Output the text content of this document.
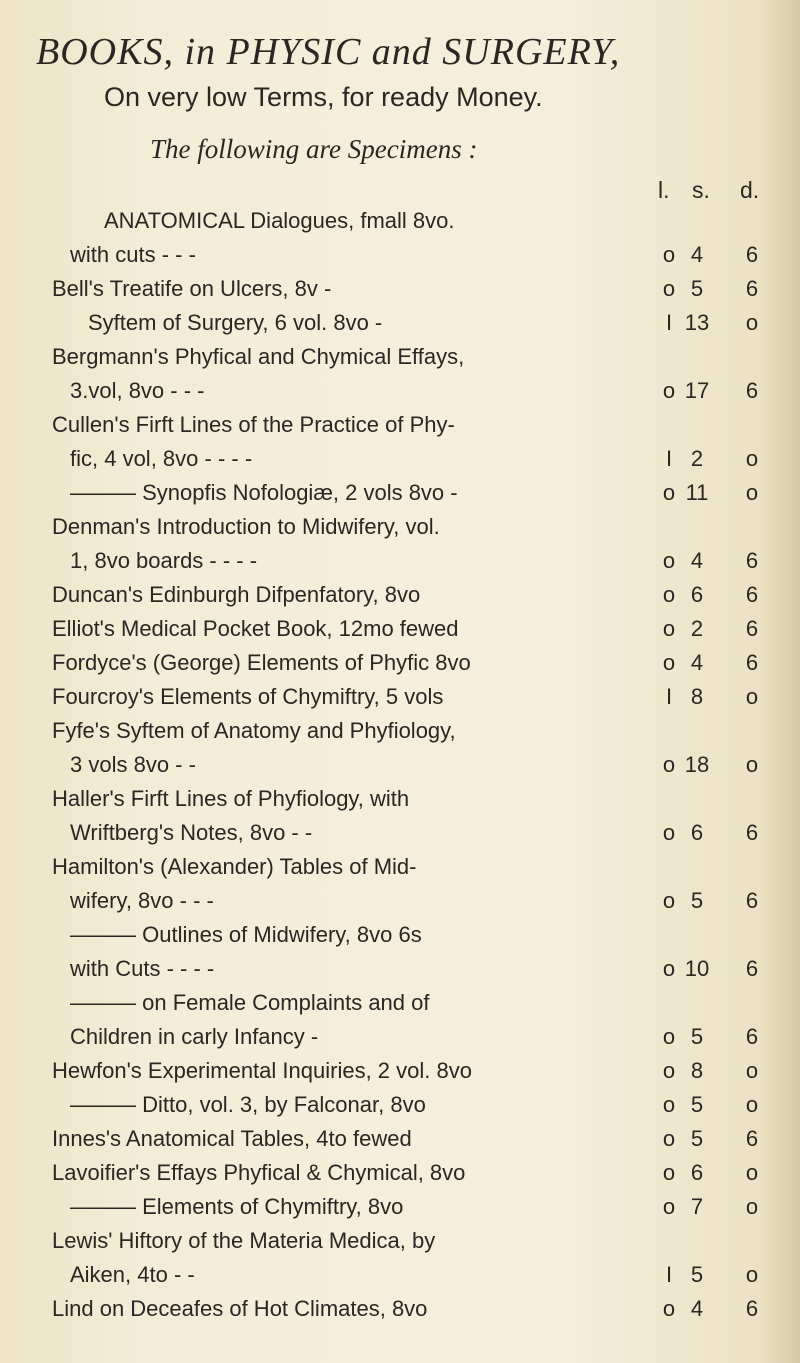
BOOKS, in PHYSIC and SURGERY,
On very low Terms, for ready Money.
The following are Specimens :
l. s. d.
ANATOMICAL Dialogues, fmall 8vo.
with cuts - - -	o 4	6
Bell's Treatife on Ulcers, 8v -	o 5	6
Syftem of Surgery, 6 vol. 8vo -	I 13	o
Bergmann's Phyfical and Chymical Effays,
3.vol, 8vo - - -	o 17	6
Cullen's Firft Lines of the Practice of Phy-
fic, 4 vol, 8vo - - - -	I 2	o
——— Synopfis Nofologiæ, 2 vols 8vo -	o 11	o
Denman's Introduction to Midwifery, vol.
1, 8vo boards - - - -	o 4	6
Duncan's Edinburgh Difpenfatory, 8vo	o 6	6
Elliot's Medical Pocket Book, 12mo fewed	o 2	6
Fordyce's (George) Elements of Phyfic 8vo	o 4	6
Fourcroy's Elements of Chymiftry, 5 vols	I 8	o
Fyfe's Syftem of Anatomy and Phyfiology,
3 vols 8vo - -	o 18	o
Haller's Firft Lines of Phyfiology, with
Wriftberg's Notes, 8vo - -	o 6	6
Hamilton's (Alexander) Tables of Mid-
wifery, 8vo - - -	o 5	6
——— Outlines of Midwifery, 8vo 6s
with Cuts - - - -	o 10	6
——— on Female Complaints and of
Children in carly Infancy -	o 5	6
Hewfon's Experimental Inquiries, 2 vol. 8vo	o 8	o
——— Ditto, vol. 3, by Falconar, 8vo	o 5	o
Innes's Anatomical Tables, 4to fewed	o 5	6
Lavoifier's Effays Phyfical & Chymical, 8vo	o 6	o
——— Elements of Chymiftry, 8vo	o 7	o
Lewis' Hiftory of the Materia Medica, by
Aiken, 4to - -	I 5	o
Lind on Deceafes of Hot Climates, 8vo	o 4	6
